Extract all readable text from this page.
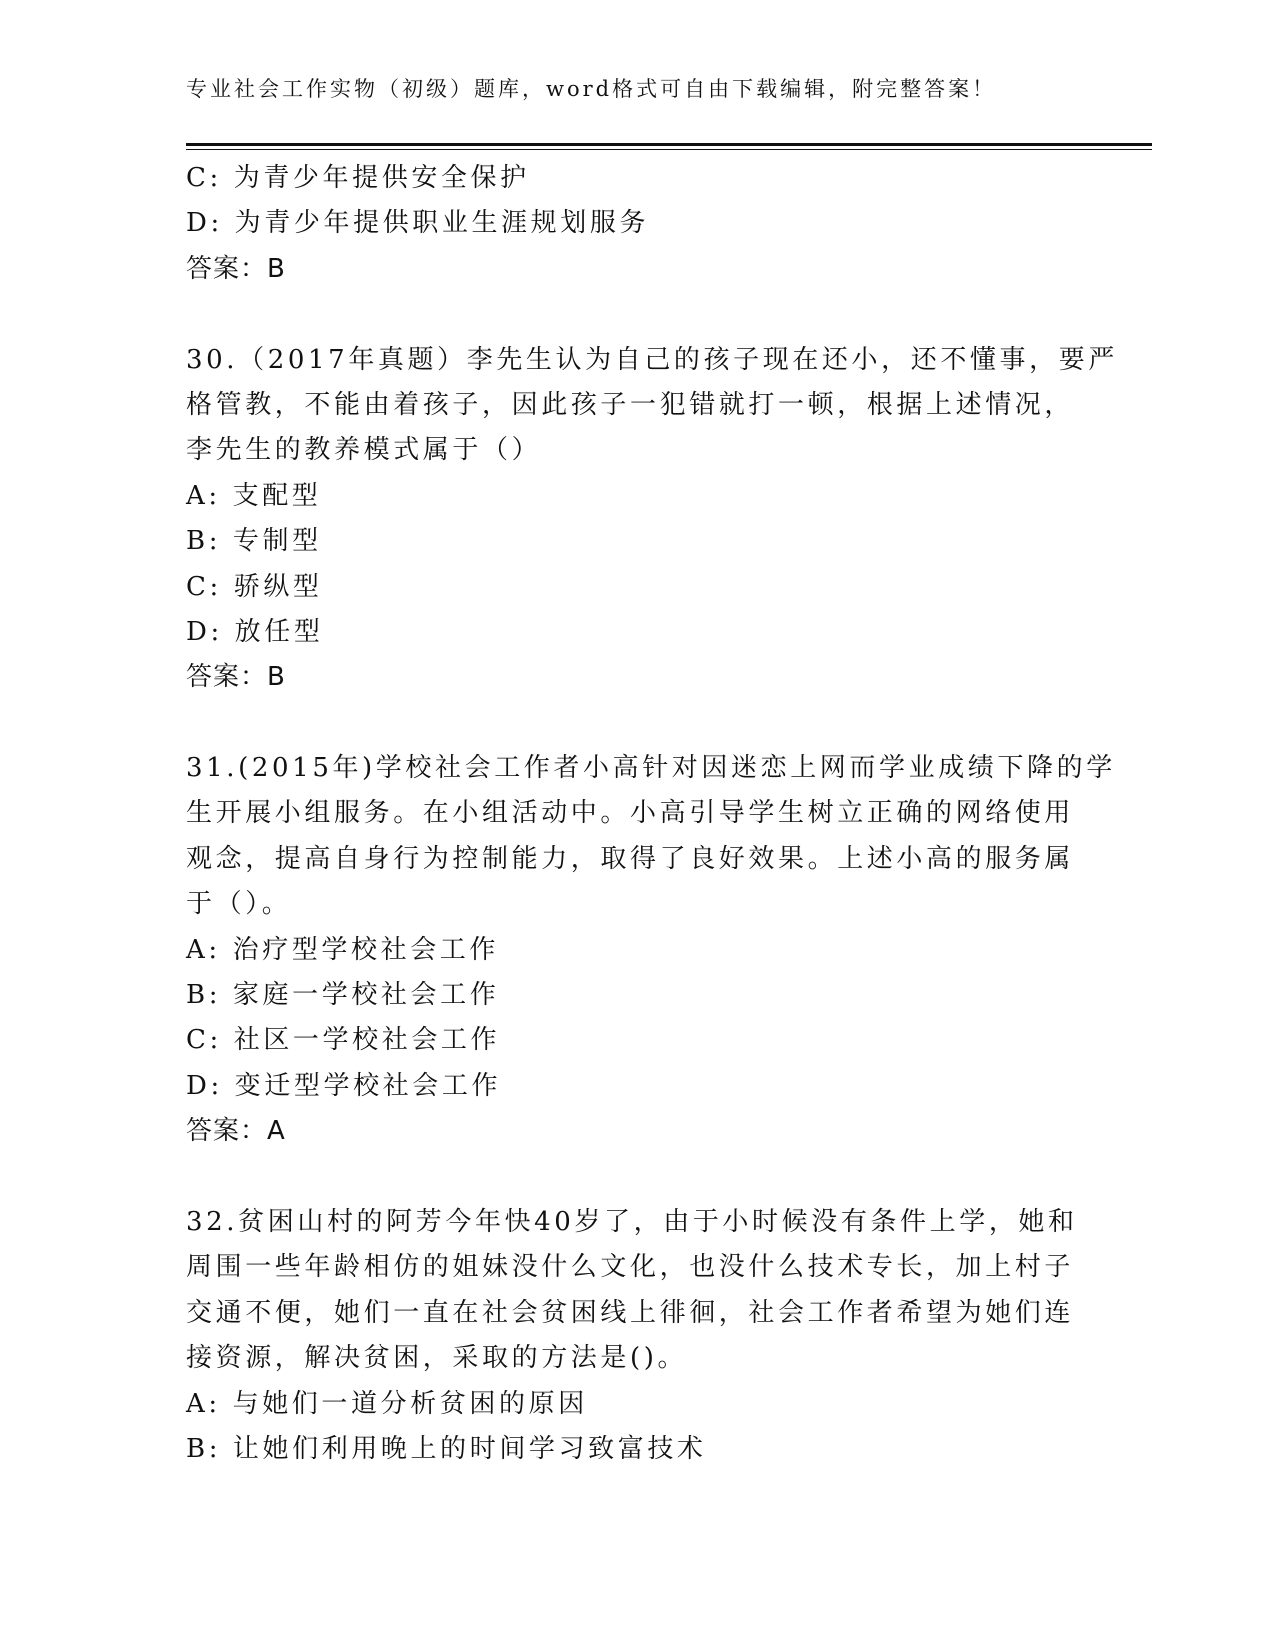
专业社会工作实物（初级）题库，word格式可自由下载编辑，附完整答案！
C: 为青少年提供安全保护
D: 为青少年提供职业生涯规划服务
答案：B
30.（2017年真题）李先生认为自己的孩子现在还小，还不懂事，要严
格管教，不能由着孩子，因此孩子一犯错就打一顿，根据上述情况，
李先生的教养模式属于（）
A: 支配型
B: 专制型
C: 骄纵型
D: 放任型
答案：B
31.(2015年)学校社会工作者小高针对因迷恋上网而学业成绩下降的学
生开展小组服务。在小组活动中。小高引导学生树立正确的网络使用
观念，提高自身行为控制能力，取得了良好效果。上述小高的服务属
于（）。
A: 治疗型学校社会工作
B: 家庭一学校社会工作
C: 社区一学校社会工作
D: 变迁型学校社会工作
答案：A
32.贫困山村的阿芳今年快40岁了，由于小时候没有条件上学，她和
周围一些年龄相仿的姐妹没什么文化，也没什么技术专长，加上村子
交通不便，她们一直在社会贫困线上徘徊，社会工作者希望为她们连
接资源，解决贫困，采取的方法是()。
A: 与她们一道分析贫困的原因
B: 让她们利用晚上的时间学习致富技术
